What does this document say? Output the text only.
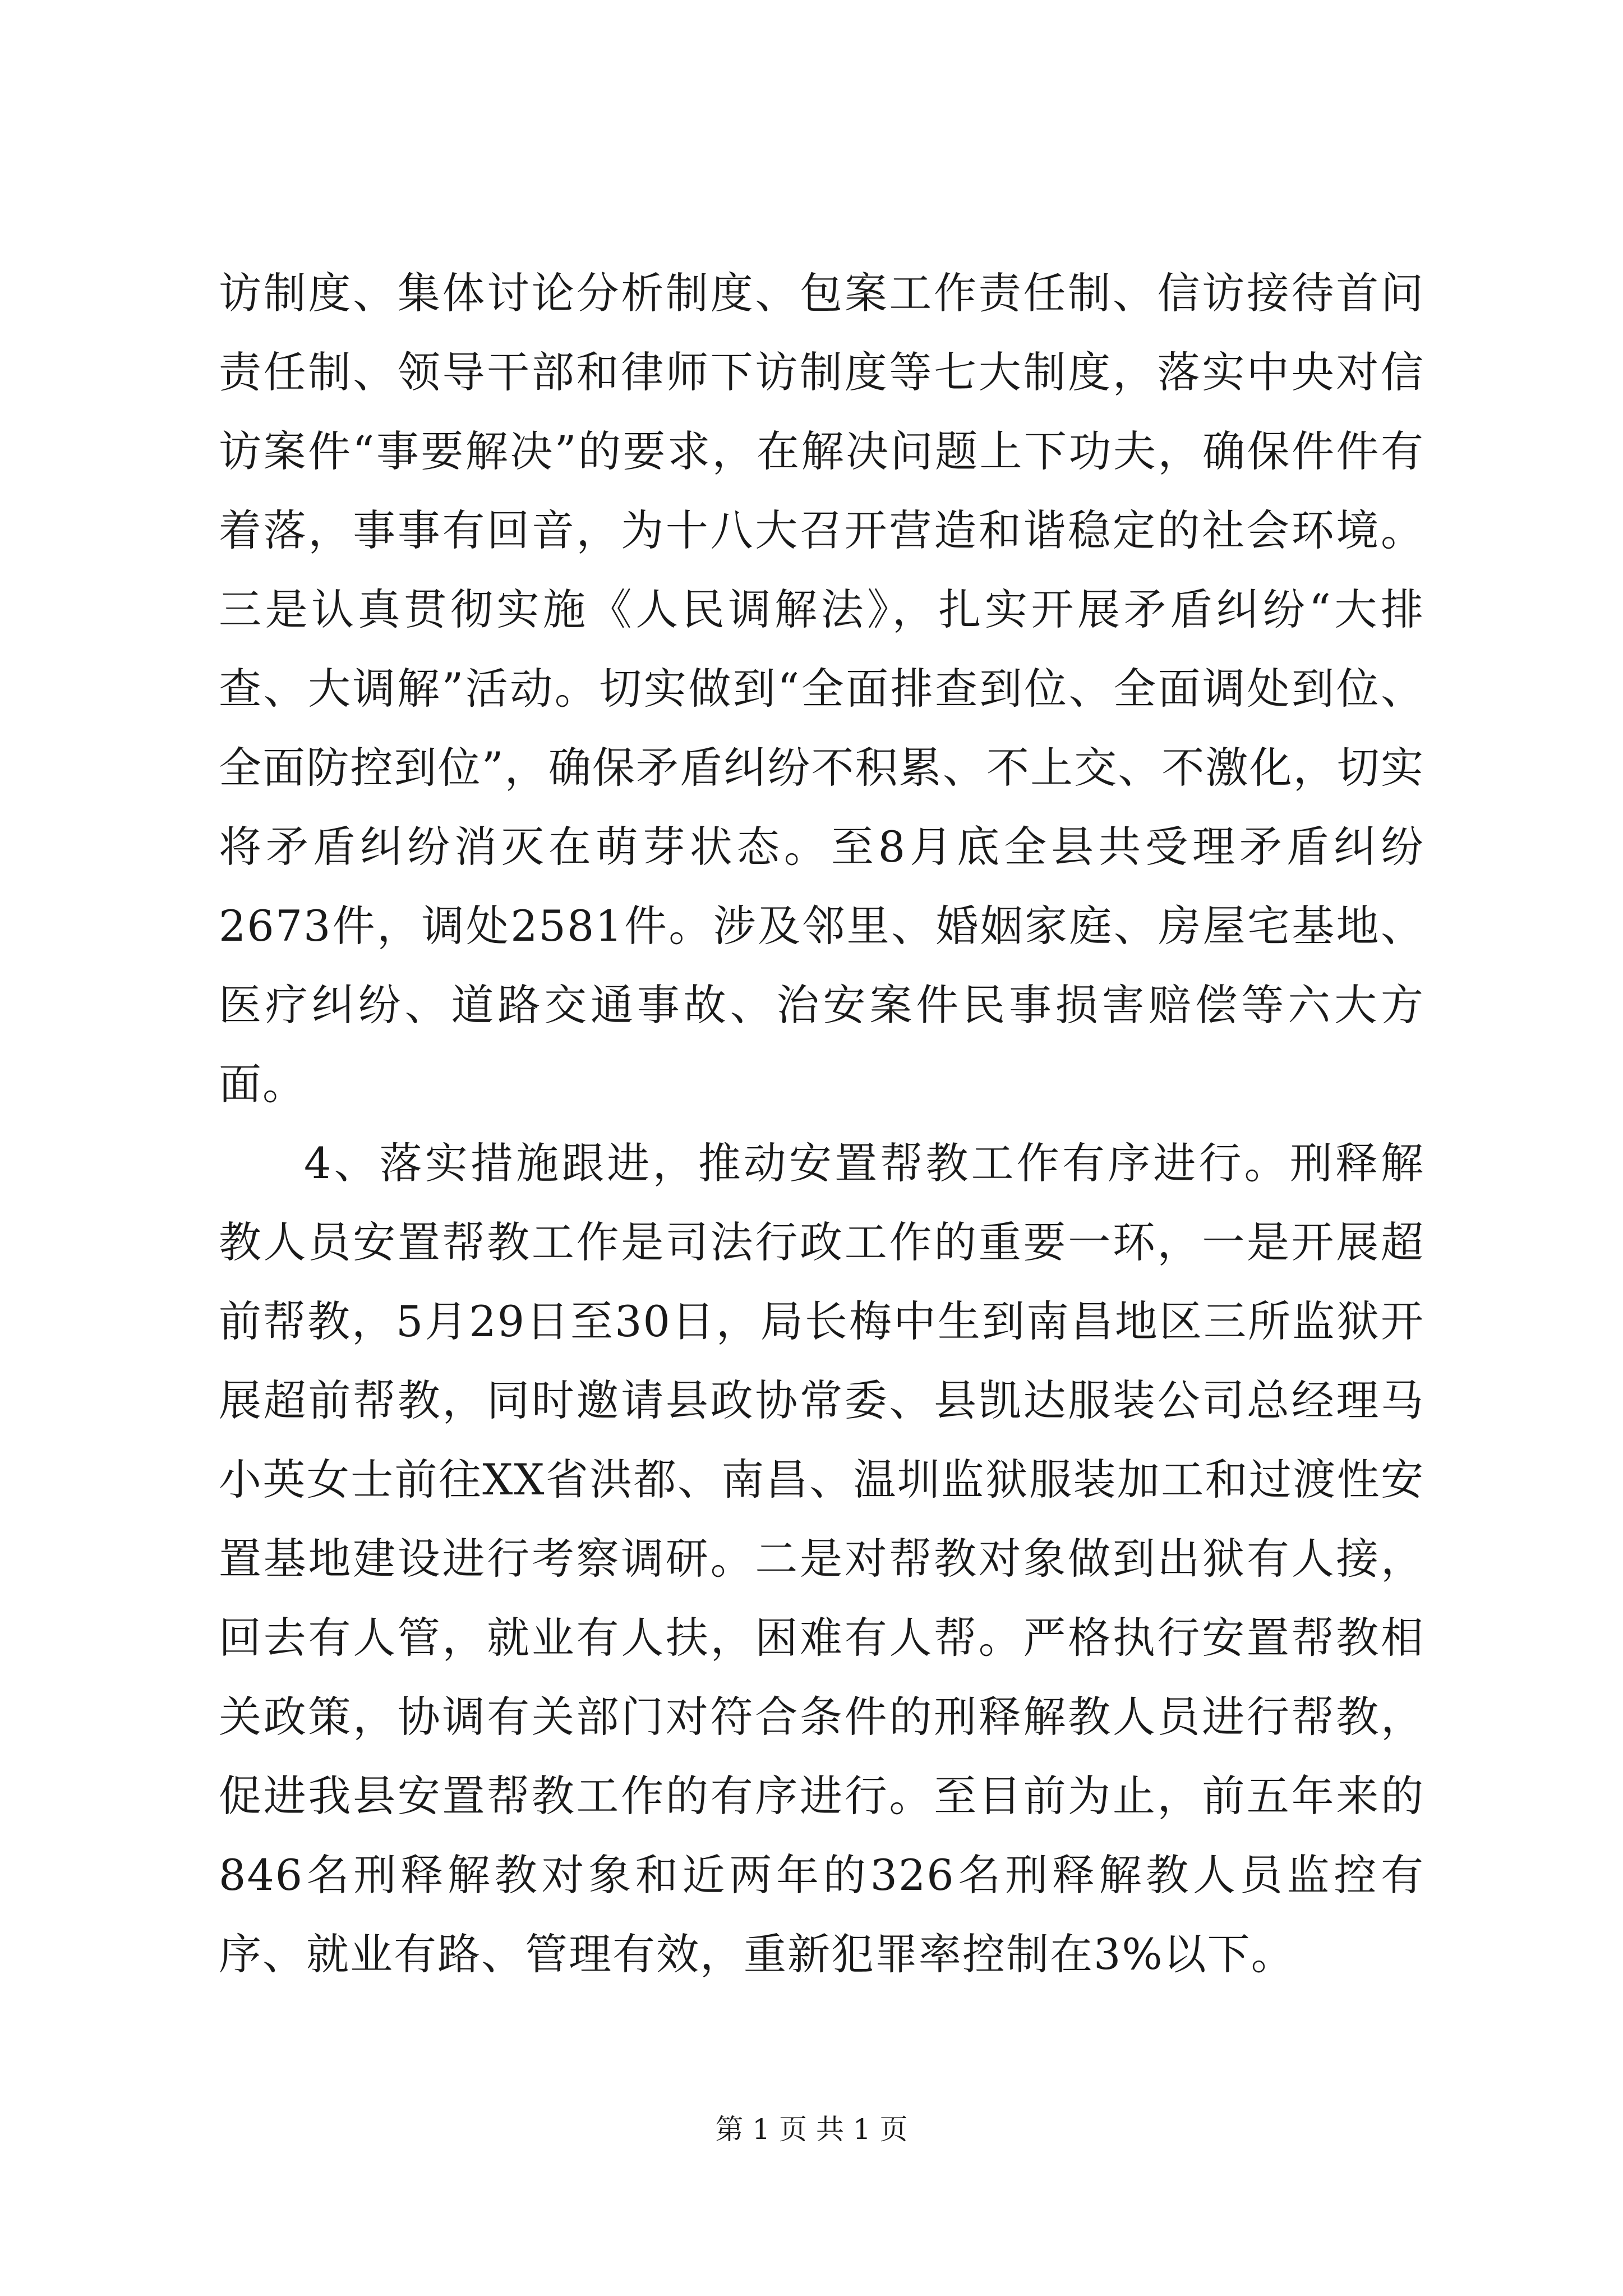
访制度、集体讨论分析制度、包案工作责任制、信访接待首问责任制、领导干部和律师下访制度等七大制度，落实中央对信访案件“事要解决”的要求，在解决问题上下功夫，确保件件有着落，事事有回音，为十八大召开营造和谐稳定的社会环境。三是认真贯彻实施《人民调解法》，扎实开展矛盾纠纷“大排查、大调解”活动。切实做到“全面排查到位、全面调处到位、全面防控到位”，确保矛盾纠纷不积累、不上交、不激化，切实将矛盾纠纷消灭在萌芽状态。至8月底全县共受理矛盾纠纷2673件，调处2581件。涉及邻里、婚姻家庭、房屋宅基地、医疗纠纷、道路交通事故、治安案件民事损害赔偿等六大方面。

4、落实措施跟进，推动安置帮教工作有序进行。刑释解教人员安置帮教工作是司法行政工作的重要一环，一是开展超前帮教，5月29日至30日，局长梅中生到南昌地区三所监狱开展超前帮教，同时邀请县政协常委、县凯达服装公司总经理马小英女士前往XX省洪都、南昌、温圳监狱服装加工和过渡性安置基地建设进行考察调研。二是对帮教对象做到出狱有人接，回去有人管，就业有人扶，困难有人帮。严格执行安置帮教相关政策，协调有关部门对符合条件的刑释解教人员进行帮教，促进我县安置帮教工作的有序进行。至目前为止，前五年来的846名刑释解教对象和近两年的326名刑释解教人员监控有序、就业有路、管理有效，重新犯罪率控制在3%以下。

第 1 页 共 1 页
